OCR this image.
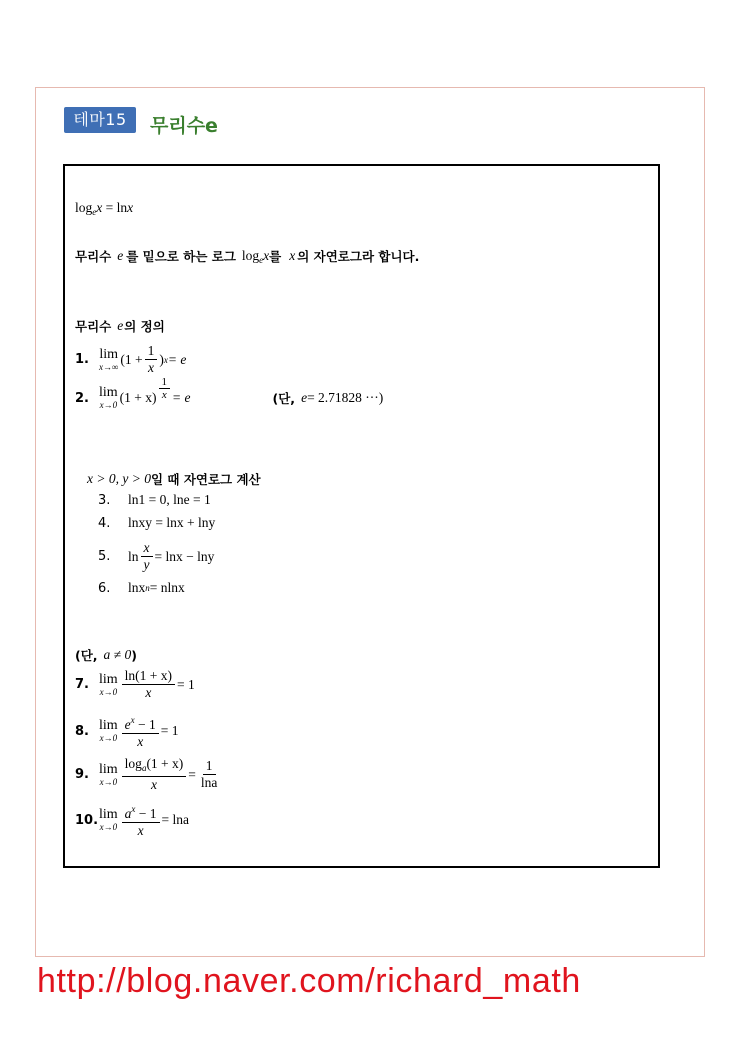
테마15	무리수e
$\log_ex = \ln x$
무리수 e 를 밑으로 하는 로그 $\log_ex$ 를 x 의 자연로그라 합니다.
무리수 e 의 정의
1. lim
x→∞ ($1 + \frac{1}{x}$ ) x = e
2. lim
x→0 $(1 + x) \frac{1}{x} = e$	(단, e = 2.71828 ···)
x > 0, y > 0 일 때 자연로그 계산
3.	ln1 = 0, lne = 1
4.	lnxy = lnx + lny
5.	$\ln \frac{x}{y} = \ln x - \ln y$
6.	lnx n = nlnx
(단, a ≠ 0 )
7. lim
$x\to 0 \frac{\ln(1 + x)}{x} = 1$
8. lim
$x\to 0 \frac{e^x - 1}{x} = 1$
9. lim
$x\to 0 \frac{\log_a(1 + x)}{x} = \frac{1}{\ln a}$
10. lim
$x\to 0 \frac{a^x - 1}{x} = \ln a$
http://blog.naver.com/richard_math
